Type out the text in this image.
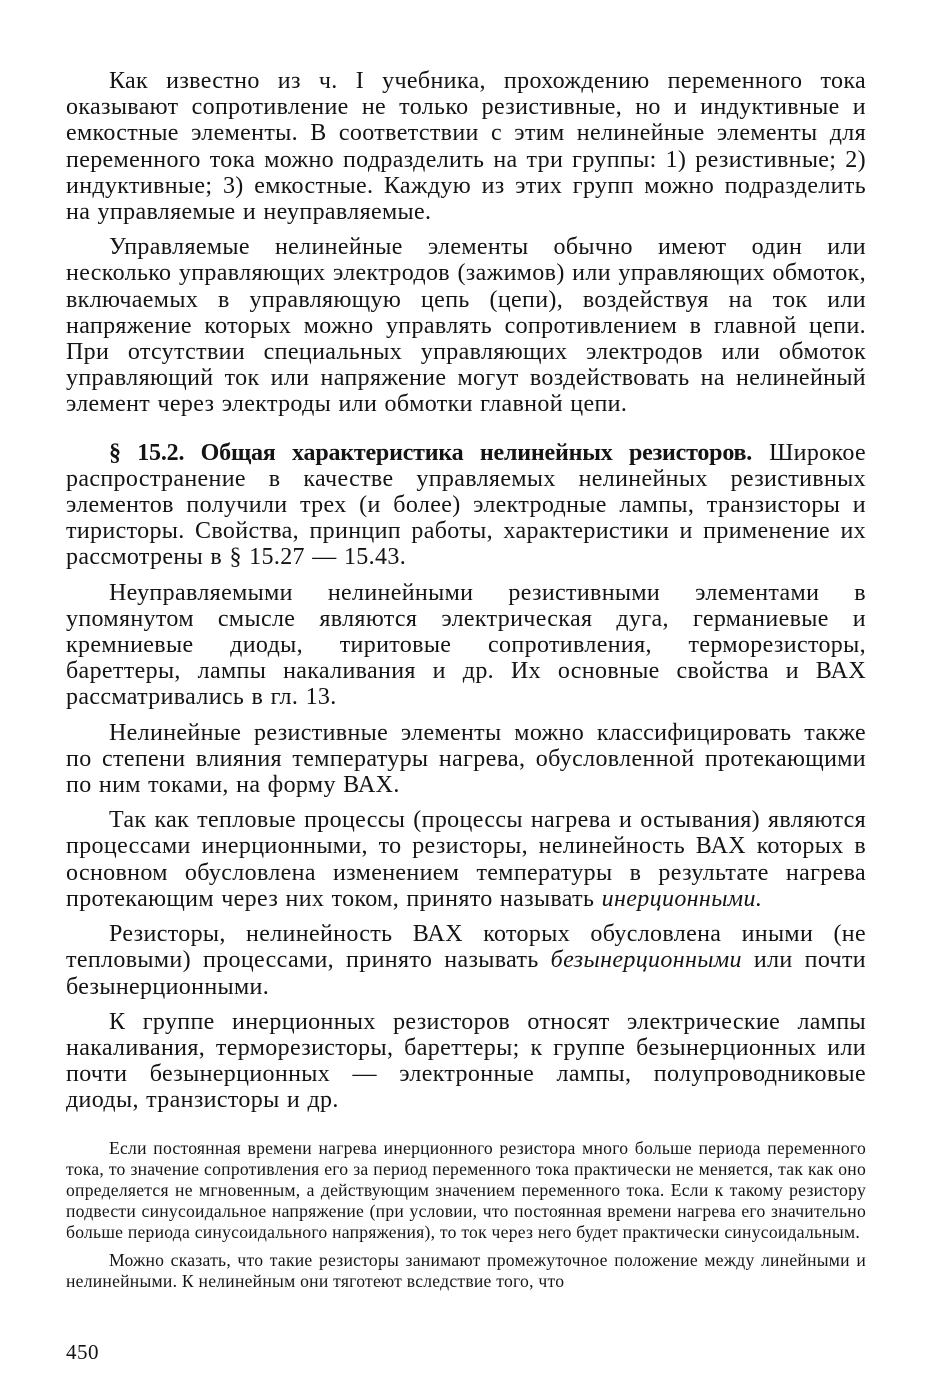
Как известно из ч. I учебника, прохождению переменного тока оказывают сопротивление не только резистивные, но и индуктивные и емкостные элементы. В соответствии с этим нелинейные элементы для переменного тока можно подразделить на три группы: 1) резистивные; 2) индуктивные; 3) емкостные. Каждую из этих групп можно подразделить на управляемые и неуправляемые.

Управляемые нелинейные элементы обычно имеют один или несколько управляющих электродов (зажимов) или управляющих обмоток, включаемых в управляющую цепь (цепи), воздействуя на ток или напряжение которых можно управлять сопротивлением в главной цепи. При отсутствии специальных управляющих электродов или обмоток управляющий ток или напряжение могут воздействовать на нелинейный элемент через электроды или обмотки главной цепи.

§ 15.2. Общая характеристика нелинейных резисторов. Широкое распространение в качестве управляемых нелинейных резистивных элементов получили трех (и более) электродные лампы, транзисторы и тиристоры. Свойства, принцип работы, характеристики и применение их рассмотрены в § 15.27 — 15.43.

Неуправляемыми нелинейными резистивными элементами в упомянутом смысле являются электрическая дуга, германиевые и кремниевые диоды, тиритовые сопротивления, терморезисторы, бареттеры, лампы накаливания и др. Их основные свойства и ВАХ рассматривались в гл. 13.

Нелинейные резистивные элементы можно классифицировать также по степени влияния температуры нагрева, обусловленной протекающими по ним токами, на форму ВАХ.

Так как тепловые процессы (процессы нагрева и остывания) являются процессами инерционными, то резисторы, нелинейность ВАХ которых в основном обусловлена изменением температуры в результате нагрева протекающим через них током, принято называть инерционными.

Резисторы, нелинейность ВАХ которых обусловлена иными (не тепловыми) процессами, принято называть безынерционными или почти безынерционными.

К группе инерционных резисторов относят электрические лампы накаливания, терморезисторы, бареттеры; к группе безынерционных или почти безынерционных — электронные лампы, полупроводниковые диоды, транзисторы и др.

Если постоянная времени нагрева инерционного резистора много больше периода переменного тока, то значение сопротивления его за период переменного тока практически не меняется, так как оно определяется не мгновенным, а действующим значением переменного тока. Если к такому резистору подвести синусоидальное напряжение (при условии, что постоянная времени нагрева его значительно больше периода синусоидального напряжения), то ток через него будет практически синусоидальным.

Можно сказать, что такие резисторы занимают промежуточное положение между линейными и нелинейными. К нелинейным они тяготеют вследствие того, что

450
